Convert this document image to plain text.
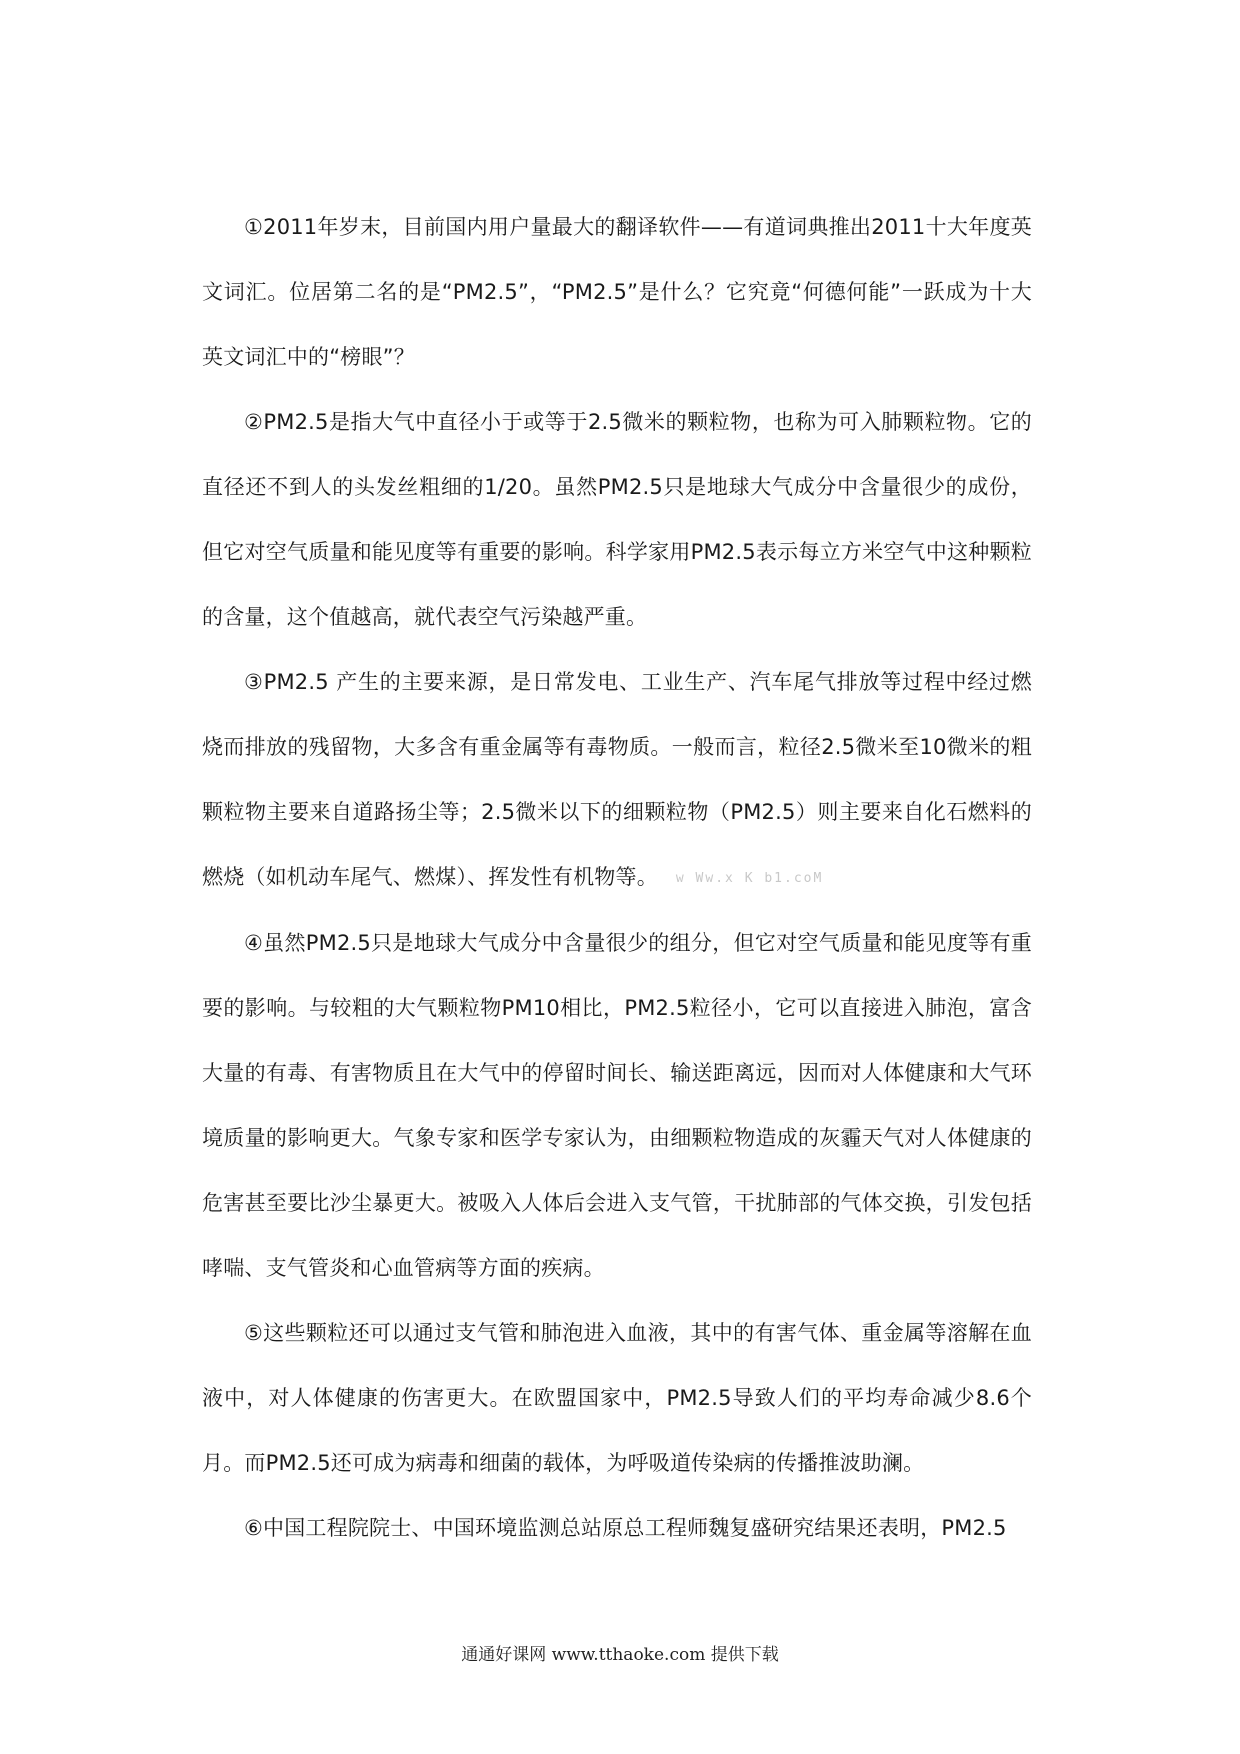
①2011年岁末，目前国内用户量最大的翻译软件——有道词典推出2011十大年度英文词汇。位居第二名的是“PM2.5”，“PM2.5”是什么？它究竟“何德何能”一跃成为十大英文词汇中的“榜眼”？

②PM2.5是指大气中直径小于或等于2.5微米的颗粒物，也称为可入肺颗粒物。它的直径还不到人的头发丝粗细的1/20。虽然PM2.5只是地球大气成分中含量很少的成份，但它对空气质量和能见度等有重要的影响。科学家用PM2.5表示每立方米空气中这种颗粒的含量，这个值越高，就代表空气污染越严重。

③PM2.5 产生的主要来源，是日常发电、工业生产、汽车尾气排放等过程中经过燃烧而排放的残留物，大多含有重金属等有毒物质。一般而言，粒径2.5微米至10微米的粗颗粒物主要来自道路扬尘等；2.5微米以下的细颗粒物（PM2.5）则主要来自化石燃料的燃烧（如机动车尾气、燃煤）、挥发性有机物等。 w Ww.x K b1.coM

④虽然PM2.5只是地球大气成分中含量很少的组分，但它对空气质量和能见度等有重要的影响。与较粗的大气颗粒物PM10相比，PM2.5粒径小，它可以直接进入肺泡，富含大量的有毒、有害物质且在大气中的停留时间长、输送距离远，因而对人体健康和大气环境质量的影响更大。气象专家和医学专家认为，由细颗粒物造成的灰霾天气对人体健康的危害甚至要比沙尘暴更大。被吸入人体后会进入支气管，干扰肺部的气体交换，引发包括哮喘、支气管炎和心血管病等方面的疾病。

⑤这些颗粒还可以通过支气管和肺泡进入血液，其中的有害气体、重金属等溶解在血液中，对人体健康的伤害更大。在欧盟国家中，PM2.5导致人们的平均寿命减少8.6个月。而PM2.5还可成为病毒和细菌的载体，为呼吸道传染病的传播推波助澜。

⑥中国工程院院士、中国环境监测总站原总工程师魏复盛研究结果还表明，PM2.5

通通好课网 www.tthaoke.com 提供下载
